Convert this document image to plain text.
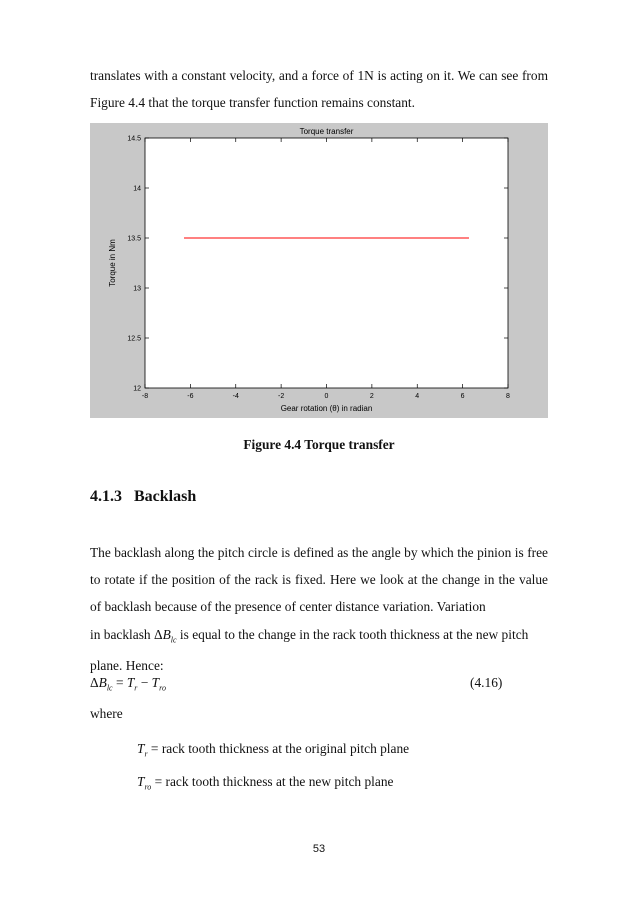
translates with a constant velocity, and a force of 1N is acting on it. We can see from Figure 4.4 that the torque transfer function remains constant.

Torque transfer
Gear rotation (θ) in radian
Torque in Nm
-8	-6	-4	-2	0	2	4	6	8
12
12.5
13
13.5
14
14.5
Figure 4.4 Torque transfer
4.1.3 Backlash

The backlash along the pitch circle is defined as the angle by which the pinion is free to rotate if the position of the rack is fixed. Here we look at the change in the value of backlash because of the presence of center distance variation. Variation

in backlash $\Delta B_{lc}$ is equal to the change in the rack tooth thickness at the new pitch
plane. Hence:
$\Delta B_{lc} = T_r - T_{ro}$	(4.16)
where
$T_r$ = rack tooth thickness at the original pitch plane
$T_{ro}$ = rack tooth thickness at the new pitch plane
53
